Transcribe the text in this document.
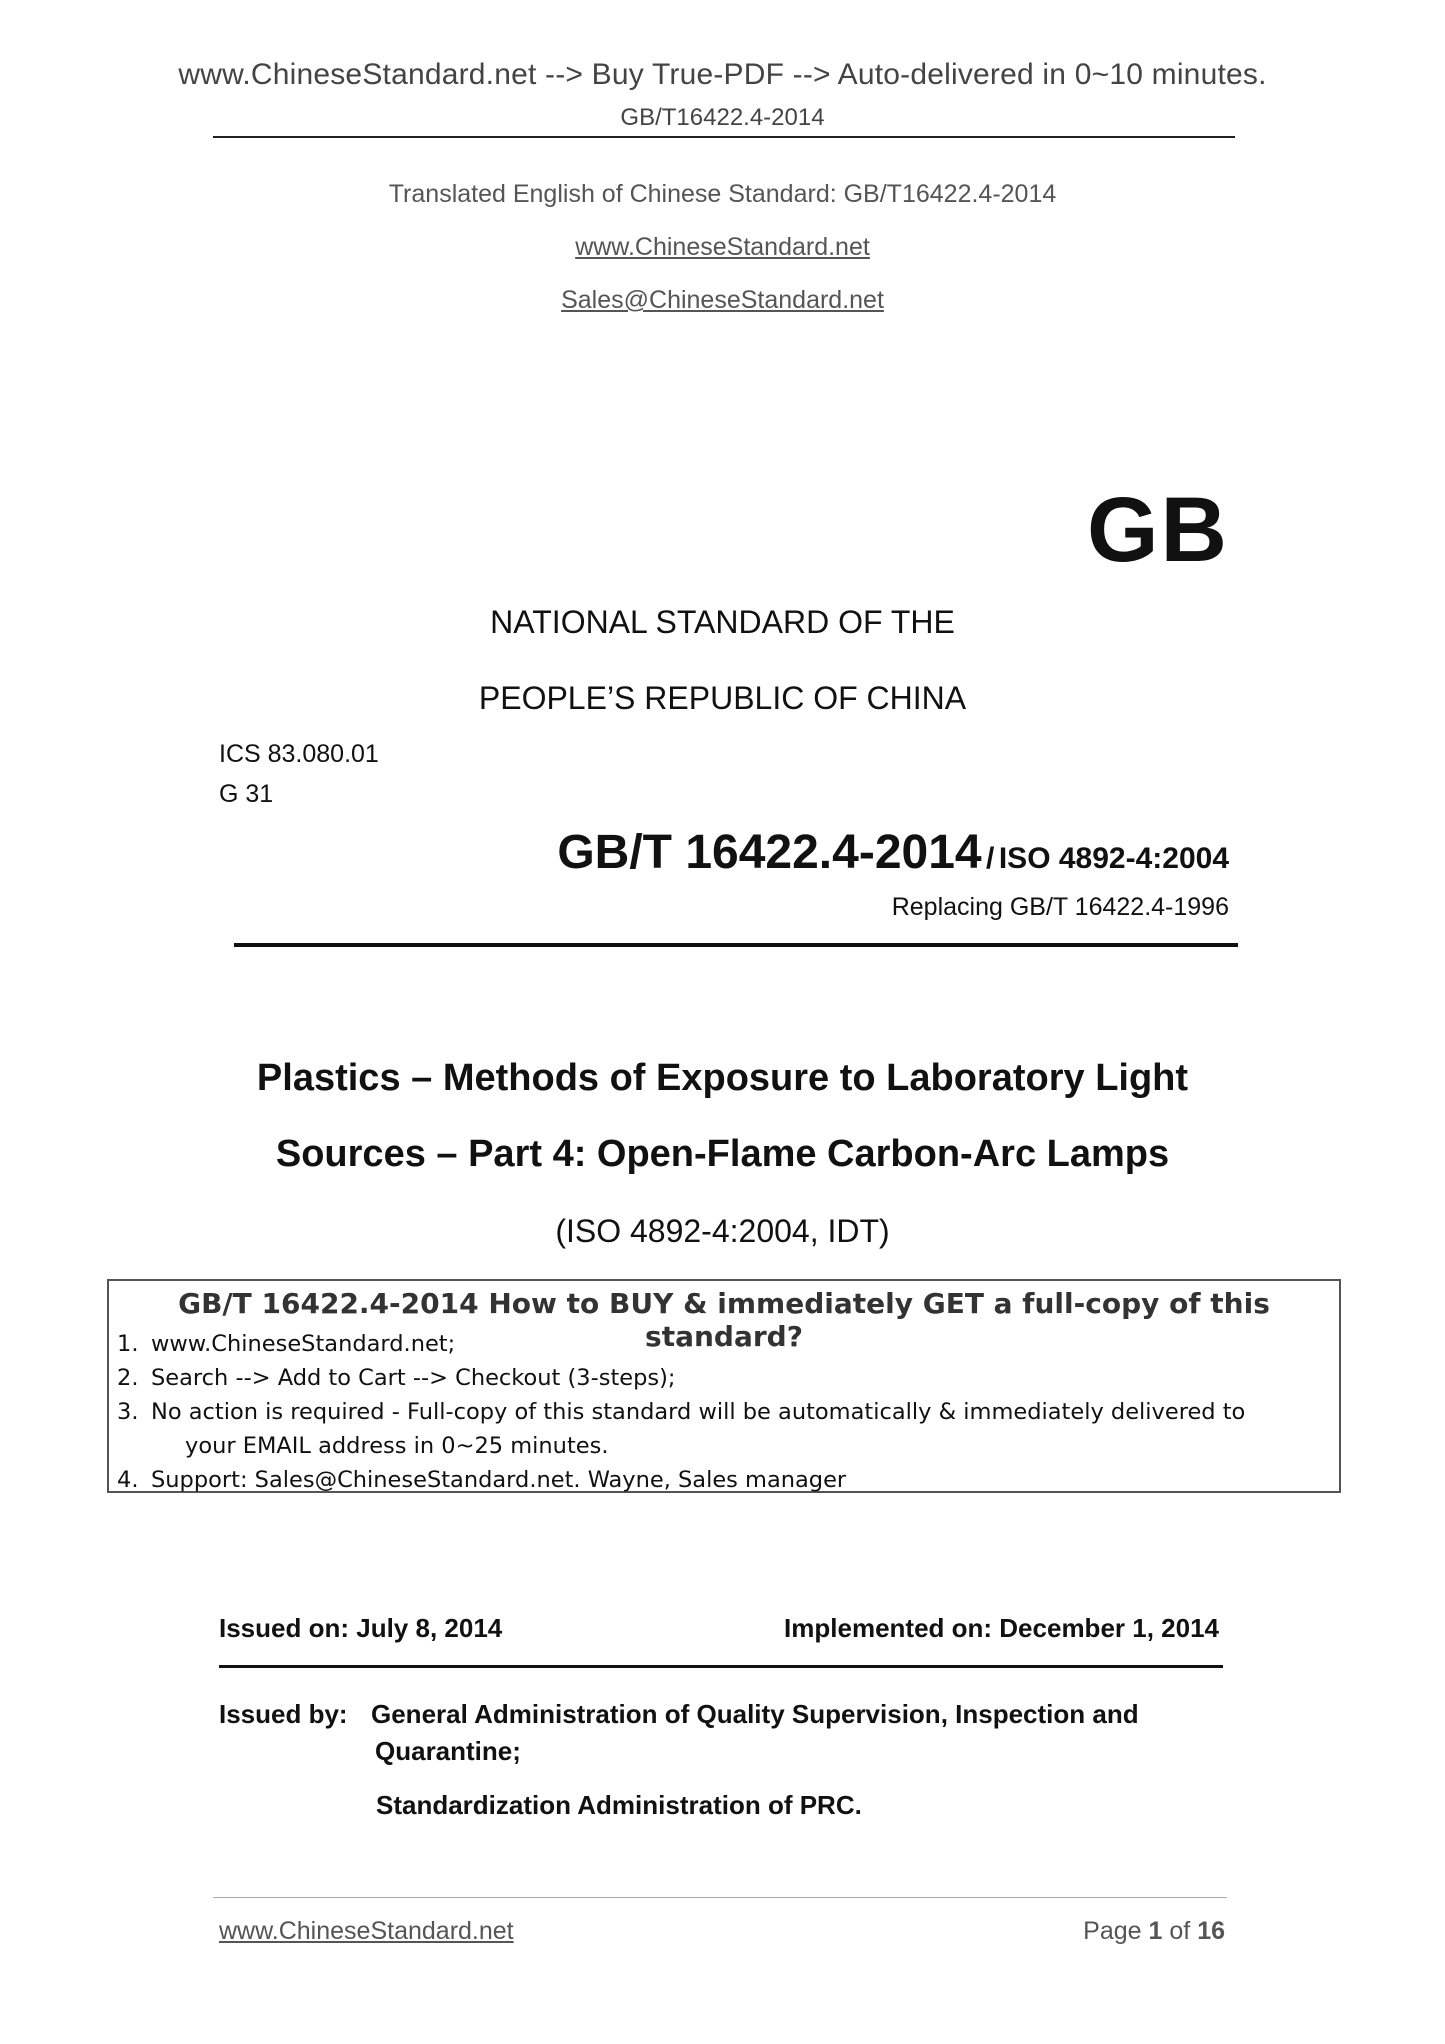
www.ChineseStandard.net --> Buy True-PDF --> Auto-delivered in 0~10 minutes.
GB/T16422.4-2014
Translated English of Chinese Standard: GB/T16422.4-2014
www.ChineseStandard.net
Sales@ChineseStandard.net
GB
NATIONAL STANDARD OF THE
PEOPLE’S REPUBLIC OF CHINA
ICS 83.080.01
G 31
GB/T 16422.4-2014 / ISO 4892-4:2004
Replacing GB/T 16422.4-1996
Plastics – Methods of Exposure to Laboratory Light
Sources – Part 4: Open-Flame Carbon-Arc Lamps
(ISO 4892-4:2004, IDT)
GB/T 16422.4-2014 How to BUY & immediately GET a full-copy of this standard?
1. www.ChineseStandard.net;
2. Search --> Add to Cart --> Checkout (3-steps);
3. No action is required - Full-copy of this standard will be automatically & immediately delivered to
your EMAIL address in 0~25 minutes.
4. Support: Sales@ChineseStandard.net. Wayne, Sales manager
Issued on: July 8, 2014	Implemented on: December 1, 2014
Issued by: General Administration of Quality Supervision, Inspection and
Quarantine;
Standardization Administration of PRC.
www.ChineseStandard.net	Page 1 of 16
